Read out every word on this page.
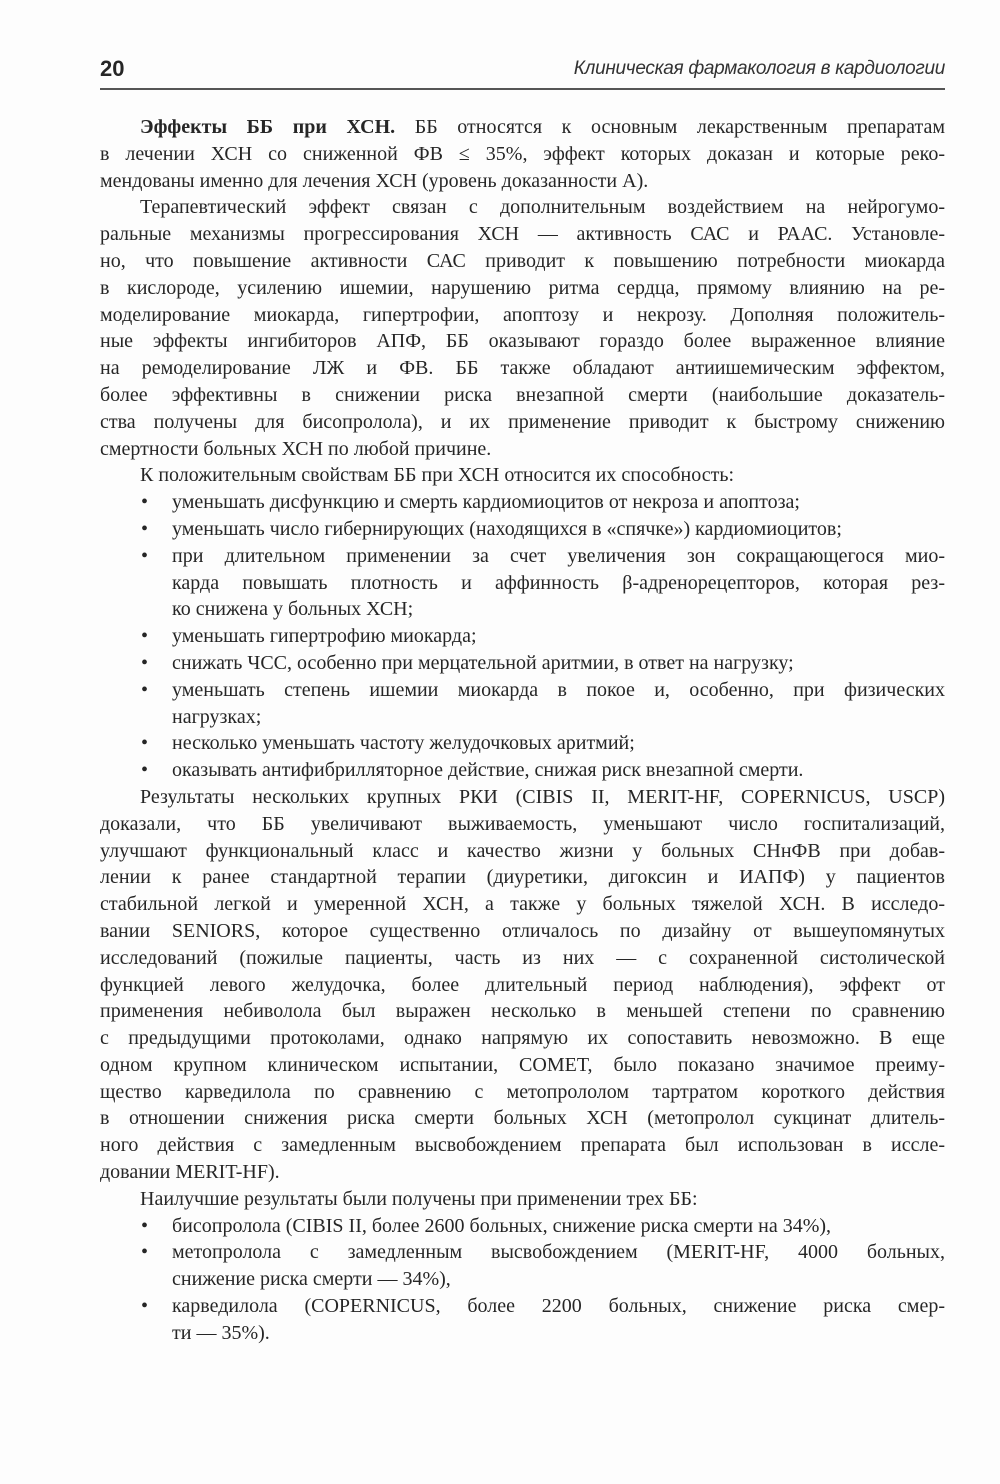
20	Клиническая фармакология в кардиологии
Эффекты ББ при ХСН. ББ относятся к основным лекарственным препаратам
в лечении ХСН со сниженной ФВ ≤ 35%, эффект которых доказан и которые реко-
мендованы именно для лечения ХСН (уровень доказанности А).
Терапевтический эффект связан с дополнительным воздействием на нейрогумо-
ральные механизмы прогрессирования ХСН — активность САС и РААС. Установле-
но, что повышение активности САС приводит к повышению потребности миокарда
в кислороде, усилению ишемии, нарушению ритма сердца, прямому влиянию на ре-
моделирование миокарда, гипертрофии, апоптозу и некрозу. Дополняя положитель-
ные эффекты ингибиторов АПФ, ББ оказывают гораздо более выраженное влияние
на ремоделирование ЛЖ и ФВ. ББ также обладают антиишемическим эффектом,
более эффективны в снижении риска внезапной смерти (наибольшие доказатель-
ства получены для бисопролола), и их применение приводит к быстрому снижению
смертности больных ХСН по любой причине.
К положительным свойствам ББ при ХСН относится их способность:
• уменьшать дисфункцию и смерть кардиомиоцитов от некроза и апоптоза;
• уменьшать число гибернирующих (находящихся в «спячке») кардиомиоцитов;
• при длительном применении за счет увеличения зон сокращающегося мио-
карда повышать плотность и аффинность β-адренорецепторов, которая рез-
ко снижена у больных ХСН;
• уменьшать гипертрофию миокарда;
• снижать ЧСС, особенно при мерцательной аритмии, в ответ на нагрузку;
• уменьшать степень ишемии миокарда в покое и, особенно, при физических
нагрузках;
• несколько уменьшать частоту желудочковых аритмий;
• оказывать антифибрилляторное действие, снижая риск внезапной смерти.
Результаты нескольких крупных РКИ (CIBIS II, MERIT-HF, COPERNICUS, USCP)
доказали, что ББ увеличивают выживаемость, уменьшают число госпитализаций,
улучшают функциональный класс и качество жизни у больных СНнФВ при добав-
лении к ранее стандартной терапии (диуретики, дигоксин и ИАПФ) у пациентов
стабильной легкой и умеренной ХСН, а также у больных тяжелой ХСН. В исследо-
вании SENIORS, которое существенно отличалось по дизайну от вышеупомянутых
исследований (пожилые пациенты, часть из них — с сохраненной систолической
функцией левого желудочка, более длительный период наблюдения), эффект от
применения небиволола был выражен несколько в меньшей степени по сравнению
с предыдущими протоколами, однако напрямую их сопоставить невозможно. В еще
одном крупном клиническом испытании, COMET, было показано значимое преиму-
щество карведилола по сравнению с метопрололом тартратом короткого действия
в отношении снижения риска смерти больных ХСН (метопролол сукцинат длитель-
ного действия с замедленным высвобождением препарата был использован в иссле-
довании MERIT-HF).
Наилучшие результаты были получены при применении трех ББ:
• бисопролола (CIBIS II, более 2600 больных, снижение риска смерти на 34%),
• метопролола с замедленным высвобождением (MERIT-HF, 4000 больных,
снижение риска смерти — 34%),
• карведилола (COPERNICUS, более 2200 больных, снижение риска смер-
ти — 35%).
